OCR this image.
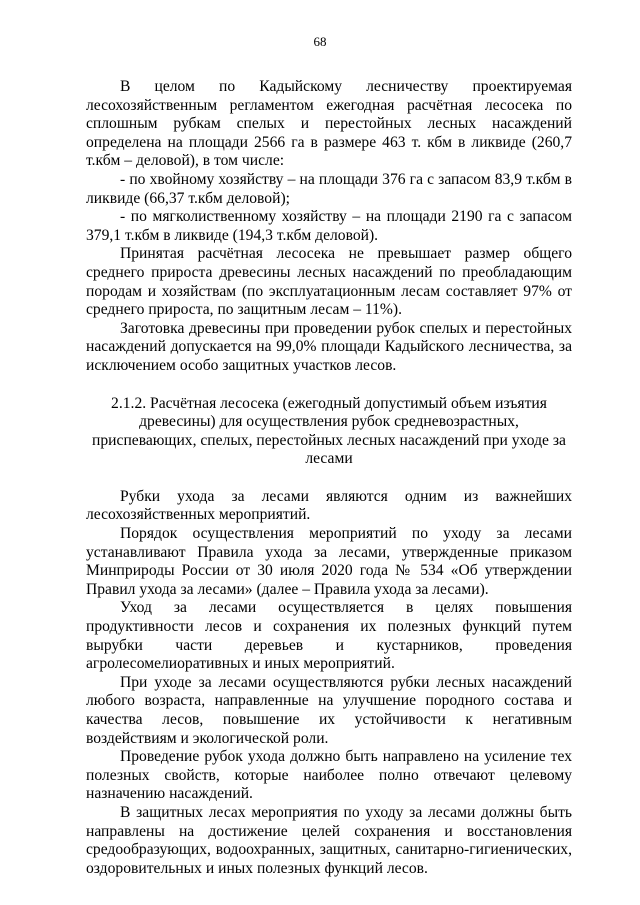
68

В целом по Кадыйскому лесничеству проектируемая лесохозяйственным регламентом ежегодная расчётная лесосека по сплошным рубкам спелых и перестойных лесных насаждений определена на площади 2566 га в размере 463 т. кбм в ликвиде (260,7 т.кбм – деловой), в том числе:

- по хвойному хозяйству – на площади 376 га с запасом 83,9 т.кбм в ликвиде (66,37 т.кбм деловой);

- по мягколиственному хозяйству – на площади 2190 га с запасом 379,1 т.кбм в ликвиде (194,3 т.кбм деловой).

Принятая расчётная лесосека не превышает размер общего среднего прироста древесины лесных насаждений по преобладающим породам и хозяйствам (по эксплуатационным лесам составляет 97% от среднего прироста, по защитным лесам – 11%).

Заготовка древесины при проведении рубок спелых и перестойных насаждений допускается на 99,0% площади Кадыйского лесничества, за исключением особо защитных участков лесов.

2.1.2. Расчётная лесосека (ежегодный допустимый объем изъятия древесины) для осуществления рубок средневозрастных, приспевающих, спелых, перестойных лесных насаждений при уходе за лесами

Рубки ухода за лесами являются одним из важнейших лесохозяйственных мероприятий.

Порядок осуществления мероприятий по уходу за лесами устанавливают Правила ухода за лесами, утвержденные приказом Минприроды России от 30 июля 2020 года № 534 «Об утверждении Правил ухода за лесами» (далее – Правила ухода за лесами).

Уход за лесами осуществляется в целях повышения продуктивности лесов и сохранения их полезных функций путем вырубки части деревьев и кустарников, проведения агролесомелиоративных и иных мероприятий.

При уходе за лесами осуществляются рубки лесных насаждений любого возраста, направленные на улучшение породного состава и качества лесов, повышение их устойчивости к негативным воздействиям и экологической роли.

Проведение рубок ухода должно быть направлено на усиление тех полезных свойств, которые наиболее полно отвечают целевому назначению насаждений.

В защитных лесах мероприятия по уходу за лесами должны быть направлены на достижение целей сохранения и восстановления средообразующих, водоохранных, защитных, санитарно-гигиенических, оздоровительных и иных полезных функций лесов.
